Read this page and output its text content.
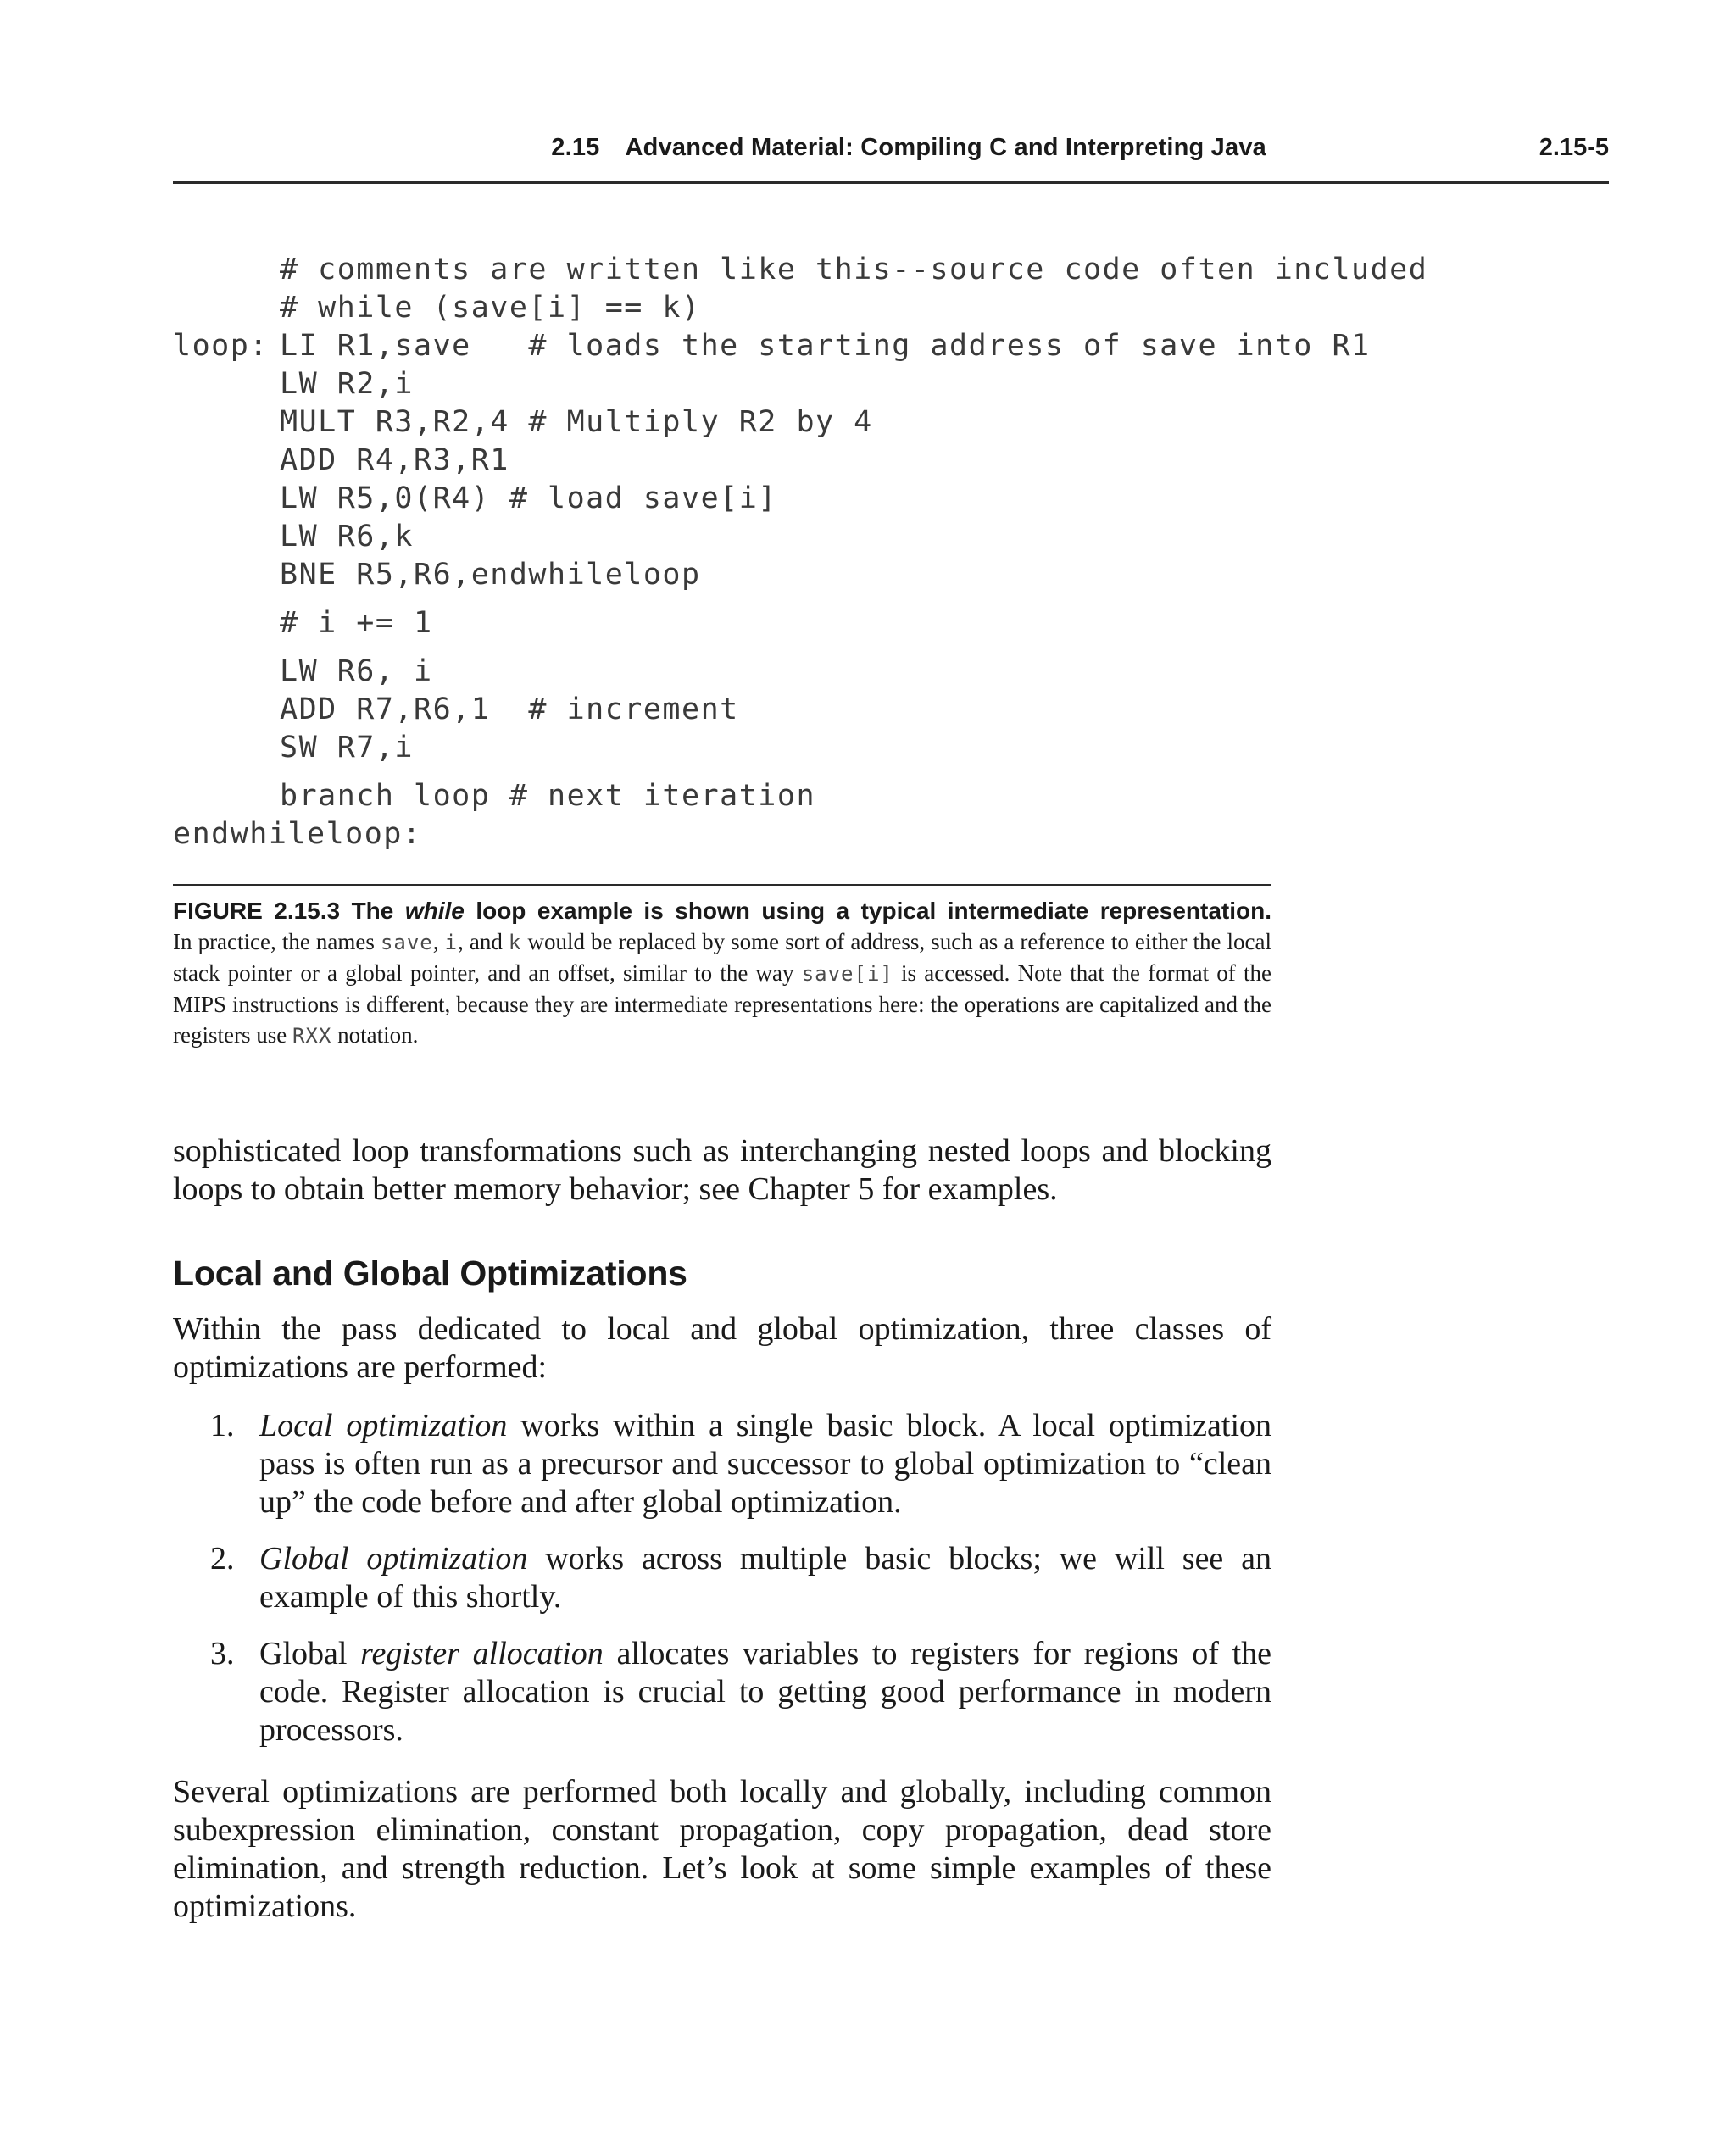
2.15 Advanced Material: Compiling C and Interpreting Java	2.15-5
# comments are written like this--source code often included
# while (save[i] == k)
loop: LI R1,save   # loads the starting address of save into R1
LW R2,i
MULT R3,R2,4 # Multiply R2 by 4
ADD R4,R3,R1
LW R5,0(R4) # load save[i]
LW R6,k
BNE R5,R6,endwhileloop
# i += 1
LW R6, i
ADD R7,R6,1  # increment
SW R7,i
branch loop # next iteration
endwhileloop:
FIGURE 2.15.3 The while loop example is shown using a typical intermediate representation. In practice, the names save, i, and k would be replaced by some sort of address, such as a reference to either the local stack pointer or a global pointer, and an offset, similar to the way save[i] is accessed. Note that the format of the MIPS instructions is different, because they are intermediate representations here: the operations are capitalized and the registers use RXX notation.

sophisticated loop transformations such as interchanging nested loops and blocking loops to obtain better memory behavior; see Chapter 5 for examples.

Local and Global Optimizations

Within the pass dedicated to local and global optimization, three classes of optimizations are performed:

1. Local optimization works within a single basic block. A local optimization pass is often run as a precursor and successor to global optimization to “clean up” the code before and after global optimization.
2. Global optimization works across multiple basic blocks; we will see an example of this shortly.
3. Global register allocation allocates variables to registers for regions of the code. Register allocation is crucial to getting good performance in modern processors.

Several optimizations are performed both locally and globally, including common subexpression elimination, constant propagation, copy propagation, dead store elimination, and strength reduction. Let’s look at some simple examples of these optimizations.
